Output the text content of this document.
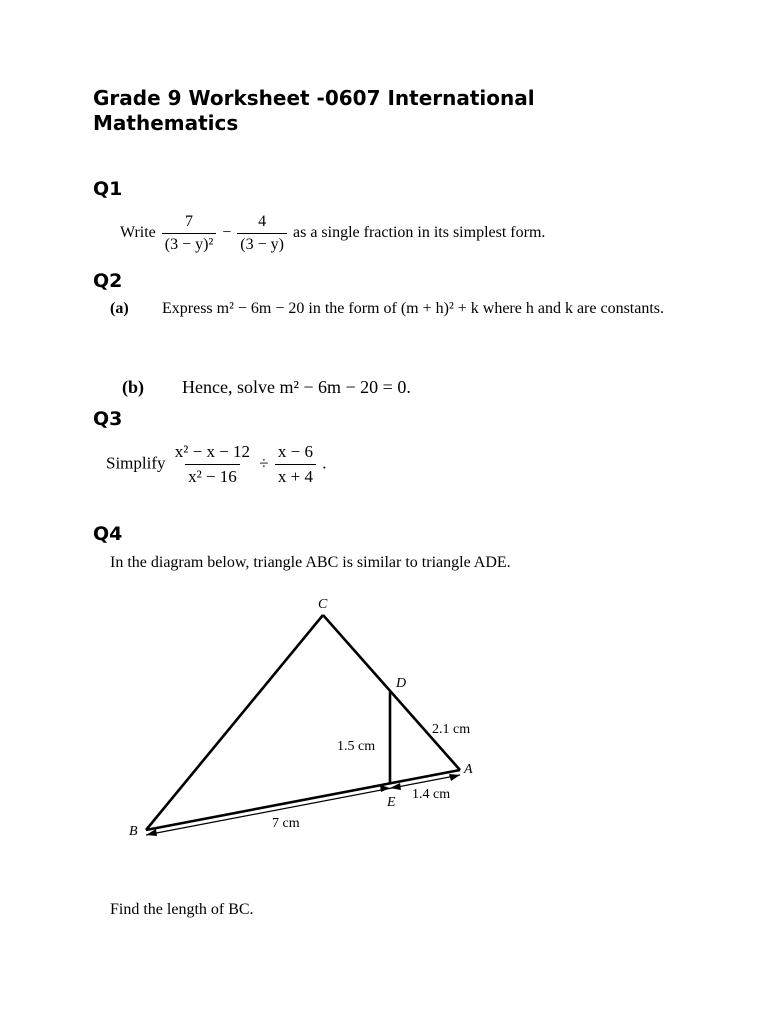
Grade 9 Worksheet -0607 International
Mathematics
Q1
Write $\frac{7}{\text{(3 − y)²}} - \frac{4}{(3 - y)}$ as a single fraction in its simplest form.
Q2
(a) Express m² − 6m − 20 in the form of (m + h)² + k where h and k are constants.
(b) Hence, solve m² − 6m − 20 = 0.
Q3
Simplify $\frac{\text{x² − x − 12}}{\text{x² − 16}} \div \frac{x - 6}{x + 4}$ .
Q4
In the diagram below, triangle ABC is similar to triangle ADE.
C
D
A
E
B
2.1 cm
1.5 cm
1.4 cm
7 cm
Find the length of BC.
